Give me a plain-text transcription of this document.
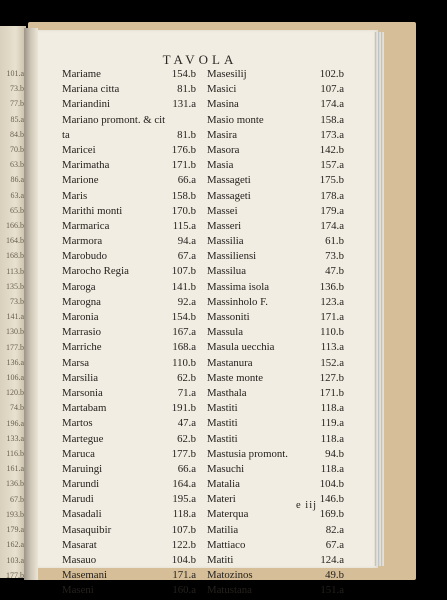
101.a
73.b
77.b
85.a
84.b
70.b
63.b
86.a
63.a
65.b
166.b
164.b
168.b
113.b
135.b
73.b
141.a
130.b
177.b
136.a
106.a
120.b
74.b
196.a
133.a
116.b
161.a
136.b
67.b
193.b
179.a
162.a
103.a
177.b
TAVOLA
Mariame	154.b
Mariana citta	81.b
Mariandini	131.a
Mariano promont. & cit
ta	81.b
Maricei	176.b
Marimatha	171.b
Marione	66.a
Maris	158.b
Marithi monti	170.b
Marmarica	115.a
Marmora	94.a
Marobudo	67.a
Marocho Regia	107.b
Maroga	141.b
Marogna	92.a
Maronia	154.b
Marrasio	167.a
Marriche	168.a
Marsa	110.b
Marsilia	62.b
Marsonia	71.a
Martabam	191.b
Martos	47.a
Martegue	62.b
Maruca	177.b
Maruingi	66.a
Marundi	164.a
Marudi	195.a
Masadali	118.a
Masaquibir	107.b
Masarat	122.b
Masauo	104.b
Masemani	171.a
Maseni	160.a
Masesilij	102.b
Masici	107.a
Masina	174.a
Masio monte	158.a
Masira	173.a
Masora	142.b
Masia	157.a
Massageti	175.b
Massageti	178.a
Massei	179.a
Masseri	174.a
Massilia	61.b
Massiliensi	73.b
Massilua	47.b
Massima isola	136.b
Massinholo F.	123.a
Massoniti	171.a
Massula	110.b
Masula uecchia	113.a
Mastanura	152.a
Maste monte	127.b
Masthala	171.b
Mastiti	118.a
Mastiti	119.a
Mastiti	118.a
Mastusia promont.	94.b
Masuchi	118.a
Matalia	104.b
Materi	146.b
Materqua	169.b
Matilia	82.a
Mattiaco	67.a
Matiti	124.a
Matozinos	49.b
Matustana	151.a
e iij
